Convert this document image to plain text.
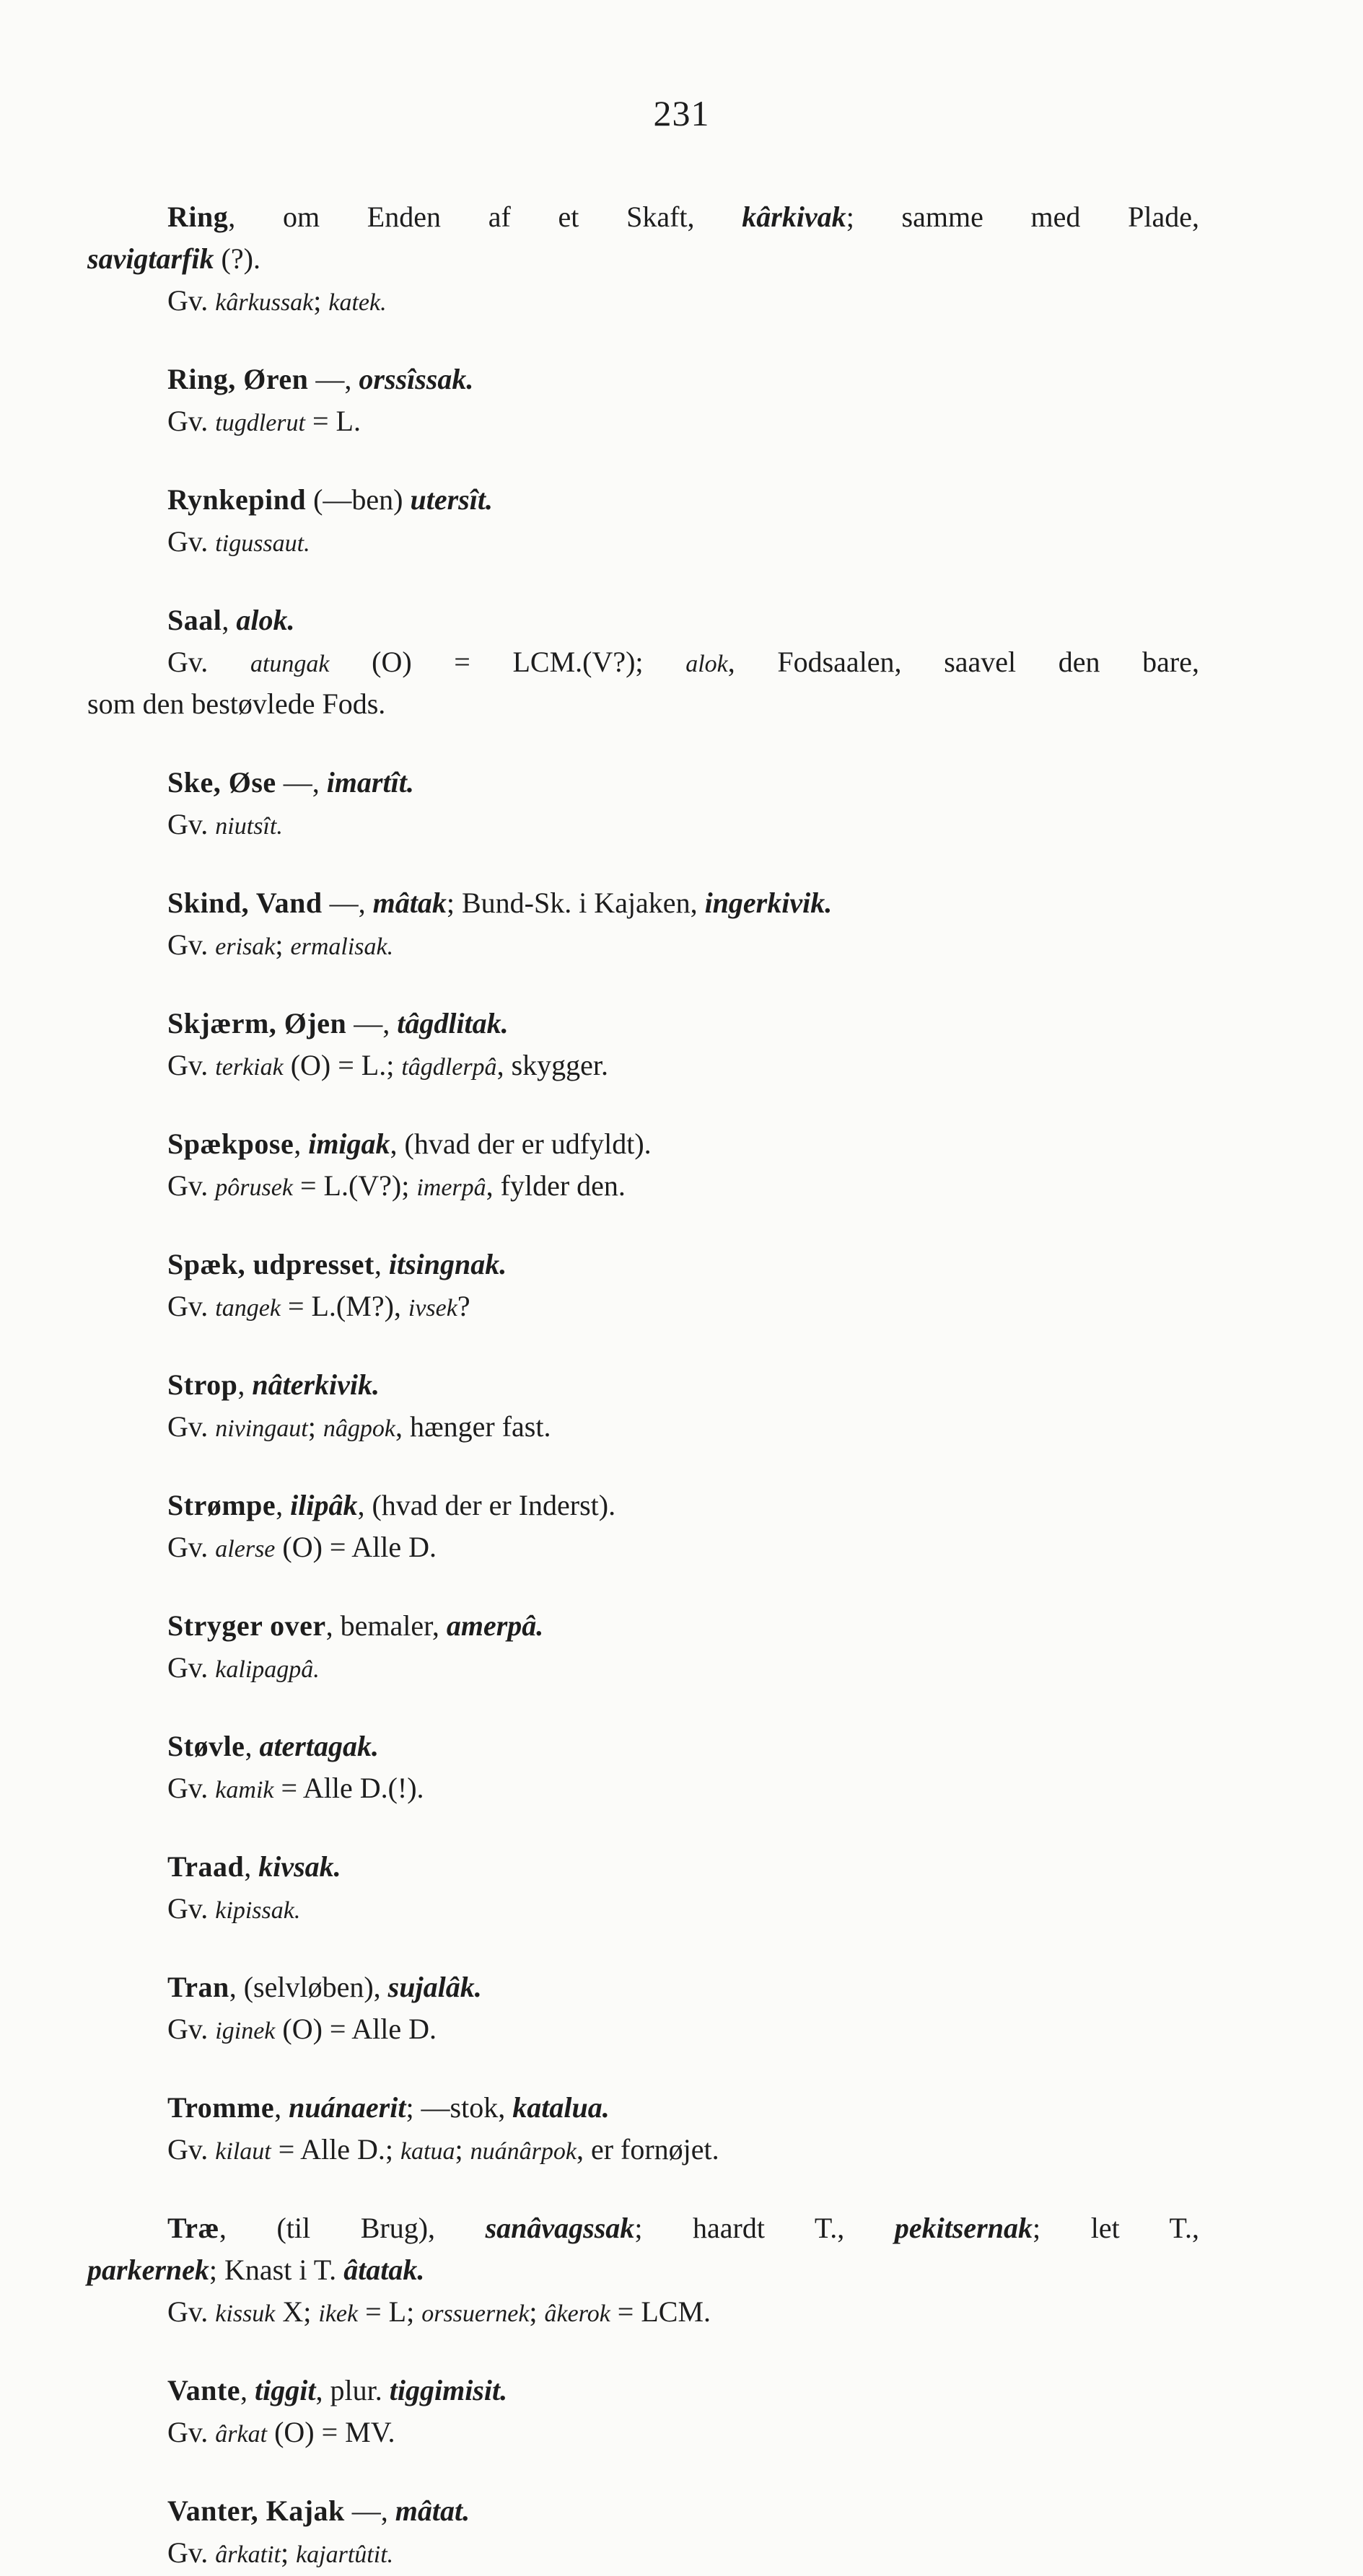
231
Ring, om Enden af et Skaft, kârkivak; samme med Plade,
savigtarfik (?).
Gv. kârkussak; katek.
Ring, Øren —, orssîssak.
Gv. tugdlerut = L.
Rynkepind (—ben) utersît.
Gv. tigussaut.
Saal, alok.
Gv. atungak (O) = LCM.(V?); alok, Fodsaalen, saavel den bare,
som den bestøvlede Fods.
Ske, Øse —, imartît.
Gv. niutsît.
Skind, Vand —, mâtak; Bund-Sk. i Kajaken, ingerkivik.
Gv. erisak; ermalisak.
Skjærm, Øjen —, tâgdlitak.
Gv. terkiak (O) = L.; tâgdlerpâ, skygger.
Spækpose, imigak, (hvad der er udfyldt).
Gv. pôrusek = L.(V?); imerpâ, fylder den.
Spæk, udpresset, itsingnak.
Gv. tangek = L.(M?), ivsek?
Strop, nâterkivik.
Gv. nivingaut; nâgpok, hænger fast.
Strømpe, ilipâk, (hvad der er Inderst).
Gv. alerse (O) = Alle D.
Stryger over, bemaler, amerpâ.
Gv. kalipagpâ.
Støvle, atertagak.
Gv. kamik = Alle D.(!).
Traad, kivsak.
Gv. kipissak.
Tran, (selvløben), sujalâk.
Gv. iginek (O) = Alle D.
Tromme, nuánaerit; —stok, katalua.
Gv. kilaut = Alle D.; katua; nuánârpok, er fornøjet.
Træ, (til Brug), sanâvagssak; haardt T., pekitsernak; let T.,
parkernek; Knast i T. âtatak.
Gv. kissuk X; ikek = L; orssuernek; âkerok = LCM.
Vante, tiggit, plur. tiggimisit.
Gv. ârkat (O) = MV.
Vanter, Kajak —, mâtat.
Gv. ârkatit; kajartûtit.
